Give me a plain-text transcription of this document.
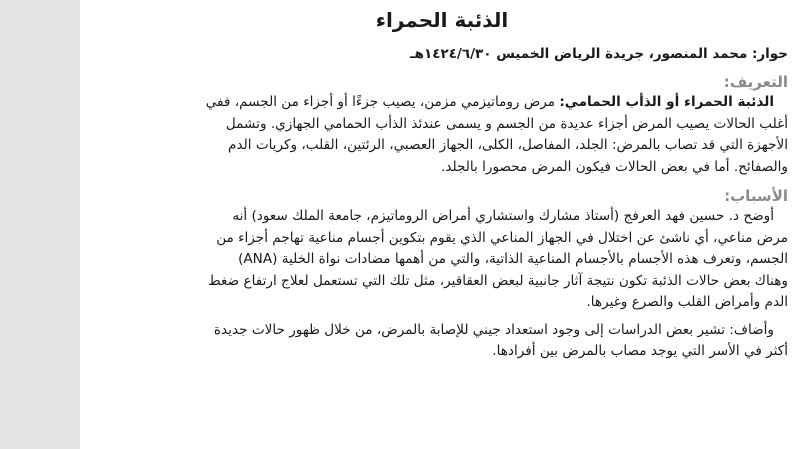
الذئبة الحمراء
حوار: محمد المنصور، جريدة الرياض الخميس ١٤٢٤/٦/٣٠هـ
التعريف:
الذئبة الحمراء أو الذأب الحمامي: مرض روماتيزمي مزمن، يصيب جزءًا أو أجزاء من الجسم، ففي
أغلب الحالات يصيب المرض أجزاء عديدة من الجسم و يسمى عندئذ الذأب الحمامي الجهازي. وتشمل
الأجهزة التي قد تصاب بالمرض: الجلد، المفاصل، الكلى، الجهاز العصبي، الرئتين، القلب، وكريات الدم
والصفائح. أما في بعض الحالات فيكون المرض محصورا بالجلد.
الأسباب:
أوضح د. حسين فهد العرفج (أستاذ مشارك واستشاري أمراض الروماتيزم، جامعة الملك سعود) أنه
مرض مناعي، أي ناشئ عن اختلال في الجهاز المناعي الذي يقوم بتكوين أجسام مناعية تهاجم أجزاء من
الجسم، وتعرف هذه الأجسام بالأجسام المناعية الذاتية، والتي من أهمها مضادات نواة الخلية (ANA)
وهناك بعض حالات الذئبة تكون نتيجة آثار جانبية لبعض العقاقير، مثل تلك التي تستعمل لعلاج ارتفاع ضغط
الدم وأمراض القلب والصرع وغيرها.
وأضاف: تشير بعض الدراسات إلى وجود استعداد جيني للإصابة بالمرض، من خلال ظهور حالات جديدة
أكثر في الأسر التي يوجد مصاب بالمرض بين أفرادها.
